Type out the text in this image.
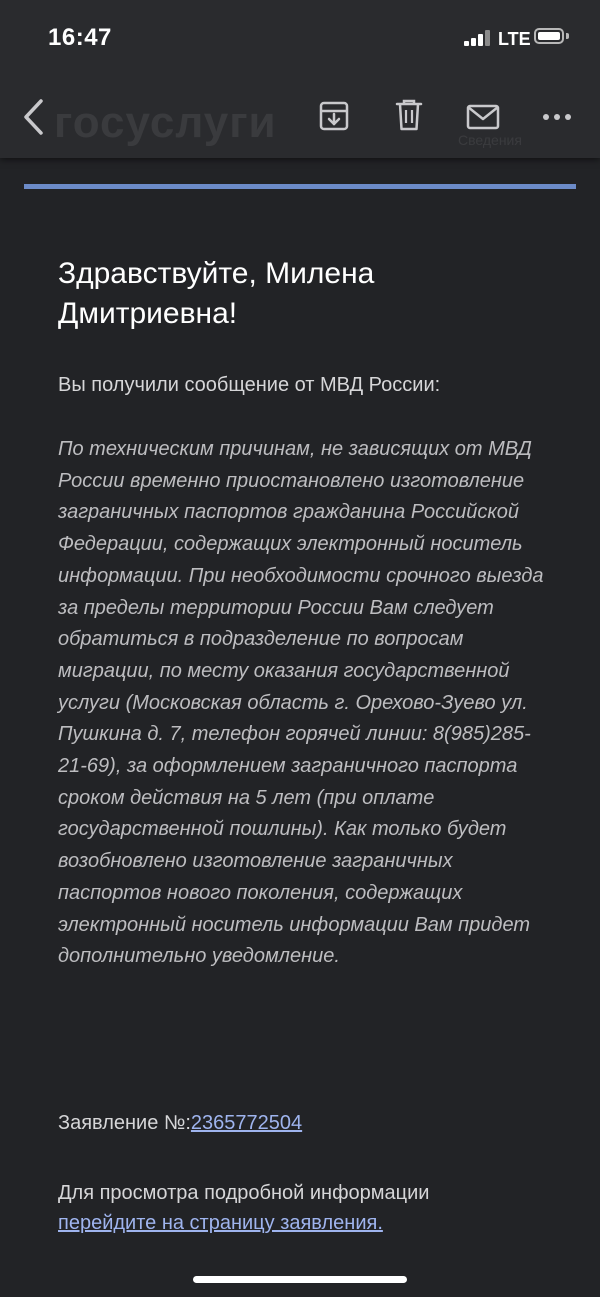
16:47	LTE
госуслуги	Сведения
Здравствуйте, Милена Дмитриевна!
Вы получили сообщение от МВД России:
По техническим причинам, не зависящих от МВД России временно приостановлено изготовление заграничных паспортов гражданина Российской Федерации, содержащих электронный носитель информации. При необходимости срочного выезда за пределы территории России Вам следует обратиться в подразделение по вопросам миграции, по месту оказания государственной услуги (Московская область г. Орехово-Зуево ул. Пушкина д. 7, телефон горячей линии: 8(985)285-21-69), за оформлением заграничного паспорта сроком действия на 5 лет (при оплате государственной пошлины). Как только будет возобновлено изготовление заграничных паспортов нового поколения, содержащих электронный носитель информации Вам придет дополнительно уведомление.
Заявление №:2365772504
Для просмотра подробной информации
перейдите на страницу заявления.
